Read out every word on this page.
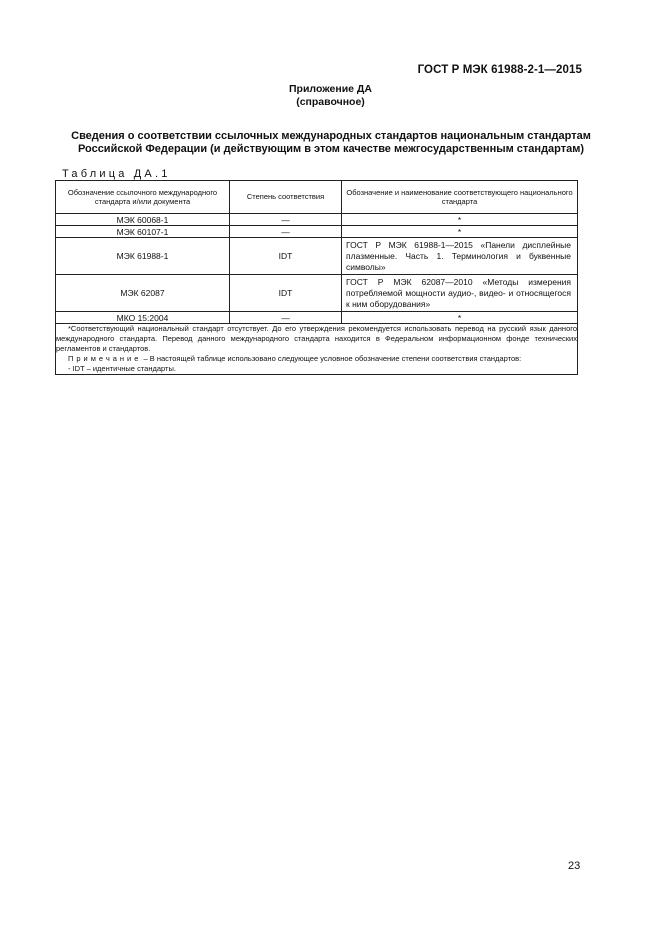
ГОСТ Р МЭК 61988-2-1—2015
Приложение ДА
(справочное)
Сведения о соответствии ссылочных международных стандартов национальным стандартам
Российской Федерации (и действующим в этом качестве межгосударственным стандартам)
Таблица ДА.1
Обозначение ссылочного международного стандарта и/или документа	Степень соответствия	Обозначение и наименование соответствующего национального стандарта

МЭК 60068-1	—	*
МЭК 60107-1	—	*
МЭК 61988-1	IDT	ГОСТ Р МЭК 61988-1—2015 «Панели дисплейные плазменные. Часть 1. Терминология и буквенные символы»
МЭК 62087	IDT	ГОСТ Р МЭК 62087—2010 «Методы измерения потребляемой мощности аудио-, видео- и относящегося к ним оборудования»
МКО 15:2004	—	*

*Соответствующий национальный стандарт отсутствует. До его утверждения рекомендуется использовать перевод на русский язык данного международного стандарта. Перевод данного международного стандарта находится в Федеральном информационном фонде технических регламентов и стандартов.

Примечание – В настоящей таблице использовано следующее условное обозначение степени соответствия стандартов:

- IDT – идентичные стандарты.		

23
